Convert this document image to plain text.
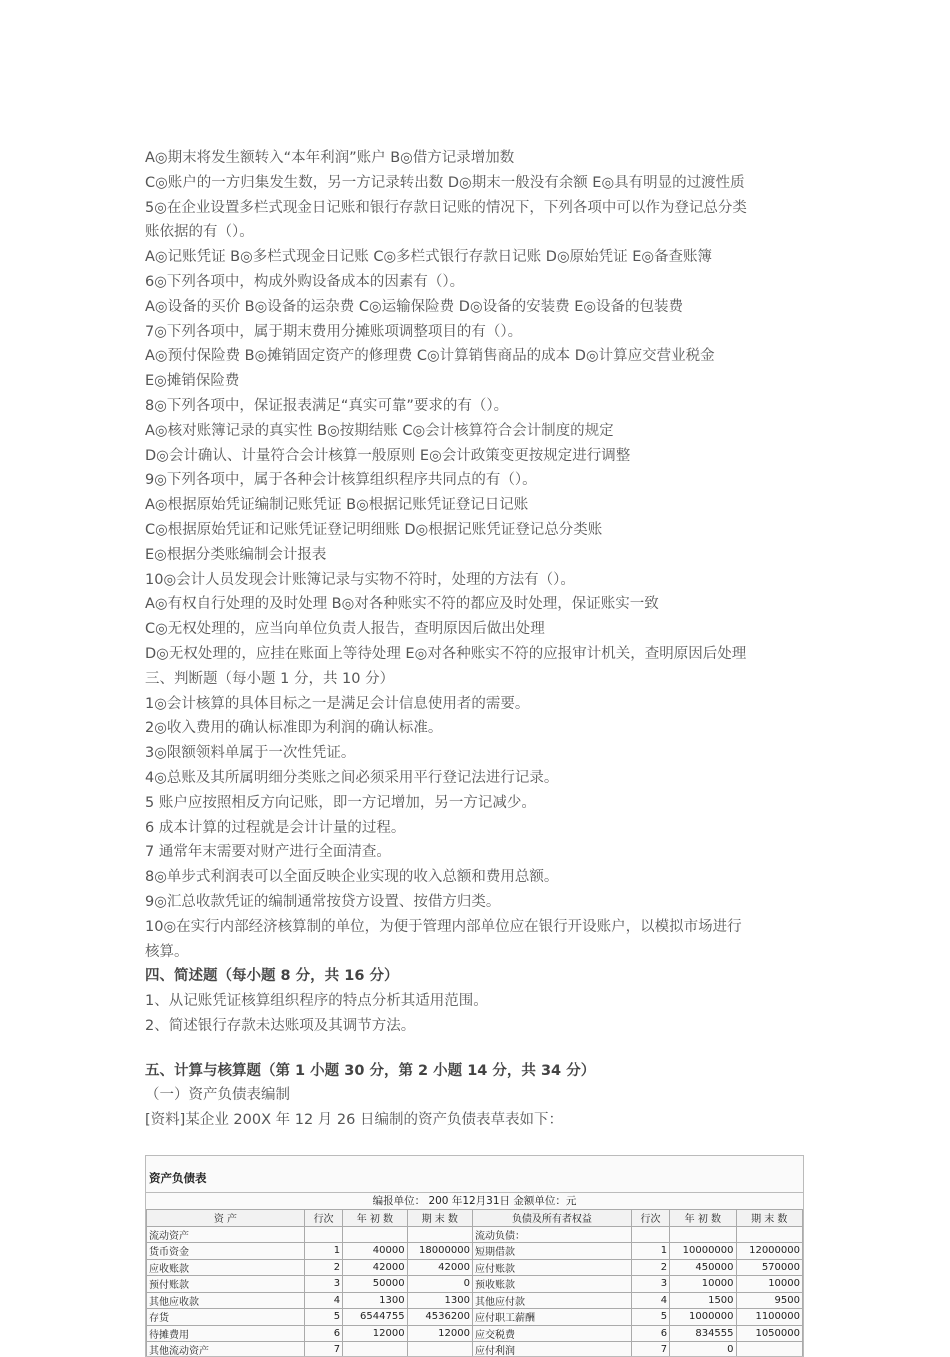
A◎期末将发生额转入“本年利润”账户 B◎借方记录增加数
C◎账户的一方归集发生数，另一方记录转出数 D◎期末一般没有余额 E◎具有明显的过渡性质
5◎在企业设置多栏式现金日记账和银行存款日记账的情况下，下列各项中可以作为登记总分类
账依据的有（）。
A◎记账凭证 B◎多栏式现金日记账 C◎多栏式银行存款日记账 D◎原始凭证 E◎备查账簿
6◎下列各项中，构成外购设备成本的因素有（）。
A◎设备的买价 B◎设备的运杂费 C◎运输保险费 D◎设备的安装费 E◎设备的包装费
7◎下列各项中，属于期末费用分摊账项调整项目的有（）。
A◎预付保险费 B◎摊销固定资产的修理费 C◎计算销售商品的成本 D◎计算应交营业税金
E◎摊销保险费
8◎下列各项中，保证报表满足“真实可靠”要求的有（）。
A◎核对账簿记录的真实性 B◎按期结账 C◎会计核算符合会计制度的规定
D◎会计确认、计量符合会计核算一般原则 E◎会计政策变更按规定进行调整
9◎下列各项中，属于各种会计核算组织程序共同点的有（）。
A◎根据原始凭证编制记账凭证 B◎根据记账凭证登记日记账
C◎根据原始凭证和记账凭证登记明细账 D◎根据记账凭证登记总分类账
E◎根据分类账编制会计报表
10◎会计人员发现会计账簿记录与实物不符时，处理的方法有（）。
A◎有权自行处理的及时处理 B◎对各种账实不符的都应及时处理，保证账实一致
C◎无权处理的，应当向单位负责人报告，查明原因后做出处理
D◎无权处理的，应挂在账面上等待处理 E◎对各种账实不符的应报审计机关，查明原因后处理
三、判断题（每小题 1 分，共 10 分）
1◎会计核算的具体目标之一是满足会计信息使用者的需要。
2◎收入费用的确认标准即为利润的确认标准。
3◎限额领料单属于一次性凭证。
4◎总账及其所属明细分类账之间必须采用平行登记法进行记录。
5 账户应按照相反方向记账，即一方记增加，另一方记减少。
6 成本计算的过程就是会计计量的过程。
7 通常年末需要对财产进行全面清查。
8◎单步式利润表可以全面反映企业实现的收入总额和费用总额。
9◎汇总收款凭证的编制通常按贷方设置、按借方归类。
10◎在实行内部经济核算制的单位，为便于管理内部单位应在银行开设账户，以模拟市场进行
核算。
四、简述题（每小题 8 分，共 16 分）
1、从记账凭证核算组织程序的特点分析其适用范围。
2、简述银行存款未达账项及其调节方法。
五、计算与核算题（第 1 小题 30 分，第 2 小题 14 分，共 34 分）
（一）资产负债表编制
[资料]某企业 200X 年 12 月 26 日编制的资产负债表草表如下：
资产负债表
编报单位： 200 年12月31日 金额单位：元
资 产	行次	年 初 数	期 末 数	负债及所有者权益	行次	年 初 数	期 末 数
流动资产				流动负债：			
货币资金	1	40000	18000000	短期借款	1	10000000	12000000
应收账款	2	42000	42000	应付账款	2	450000	570000
预付账款	3	50000	0	预收账款	3	10000	10000
其他应收款	4	1300	1300	其他应付款	4	1500	9500
存货	5	6544755	4536200	应付职工薪酬	5	1000000	1100000
待摊费用	6	12000	12000	应交税费	6	834555	1050000
其他流动资产	7			应付利润	7	0	
